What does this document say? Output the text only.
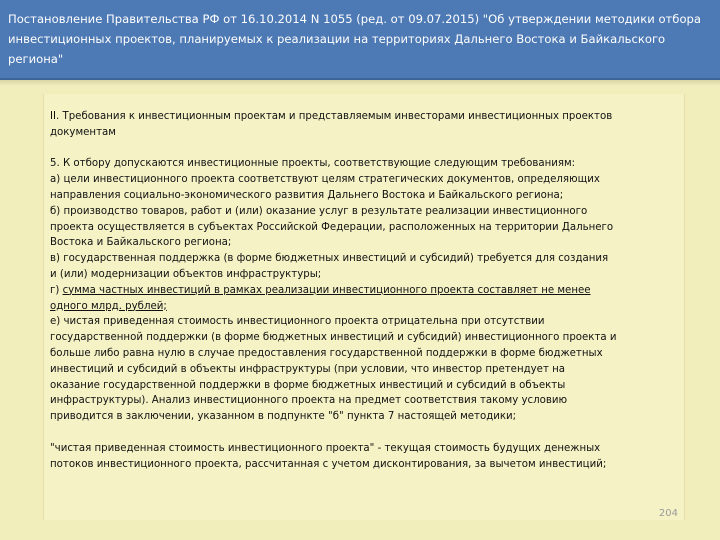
Постановление Правительства РФ от 16.10.2014 N 1055 (ред. от 09.07.2015) "Об утверждении методики отбора
инвестиционных проектов, планируемых к реализации на территориях Дальнего Востока и Байкальского
региона"
II. Требования к инвестиционным проектам и представляемым инвесторами инвестиционных проектов
документам
5. К отбору допускаются инвестиционные проекты, соответствующие следующим требованиям:
а) цели инвестиционного проекта соответствуют целям стратегических документов, определяющих
направления социально-экономического развития Дальнего Востока и Байкальского региона;
б) производство товаров, работ и (или) оказание услуг в результате реализации инвестиционного
проекта осуществляется в субъектах Российской Федерации, расположенных на территории Дальнего
Востока и Байкальского региона;
в) государственная поддержка (в форме бюджетных инвестиций и субсидий) требуется для создания
и (или) модернизации объектов инфраструктуры;
г) сумма частных инвестиций в рамках реализации инвестиционного проекта составляет не менее
одного млрд. рублей;
е) чистая приведенная стоимость инвестиционного проекта отрицательна при отсутствии
государственной поддержки (в форме бюджетных инвестиций и субсидий) инвестиционного проекта и
больше либо равна нулю в случае предоставления государственной поддержки в форме бюджетных
инвестиций и субсидий в объекты инфраструктуры (при условии, что инвестор претендует на
оказание государственной поддержки в форме бюджетных инвестиций и субсидий в объекты
инфраструктуры). Анализ инвестиционного проекта на предмет соответствия такому условию
приводится в заключении, указанном в подпункте "б" пункта 7 настоящей методики;
"чистая приведенная стоимость инвестиционного проекта" - текущая стоимость будущих денежных
потоков инвестиционного проекта, рассчитанная с учетом дисконтирования, за вычетом инвестиций;
204
